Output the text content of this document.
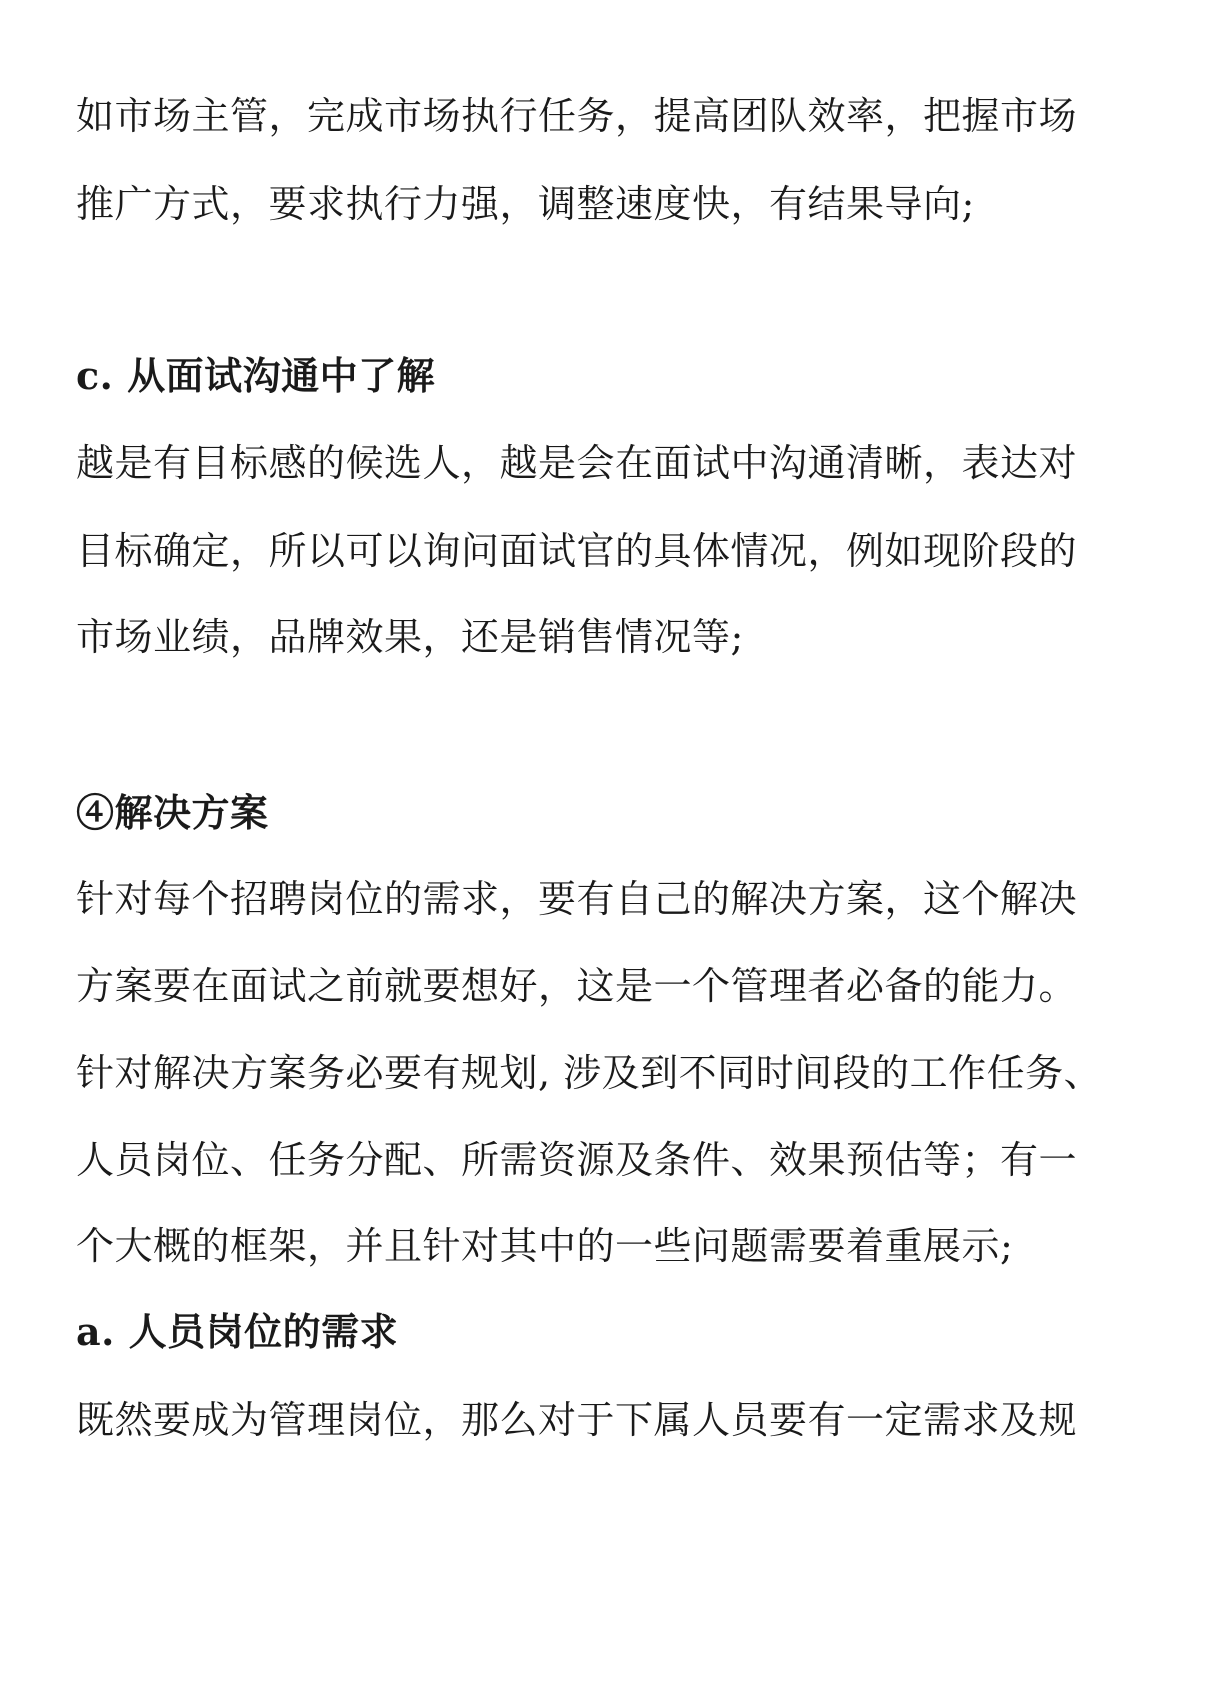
如市场主管，完成市场执行任务，提高团队效率，把握市场
推广方式，要求执行力强，调整速度快，有结果导向;
c. 从面试沟通中了解
越是有目标感的候选人，越是会在面试中沟通清晰，表达对
目标确定，所以可以询问面试官的具体情况，例如现阶段的
市场业绩，品牌效果，还是销售情况等;
④解决方案
针对每个招聘岗位的需求，要有自己的解决方案，这个解决
方案要在面试之前就要想好，这是一个管理者必备的能力。
针对解决方案务必要有规划, 涉及到不同时间段的工作任务、
人员岗位、任务分配、所需资源及条件、效果预估等；有一
个大概的框架，并且针对其中的一些问题需要着重展示;
a. 人员岗位的需求
既然要成为管理岗位，那么对于下属人员要有一定需求及规
